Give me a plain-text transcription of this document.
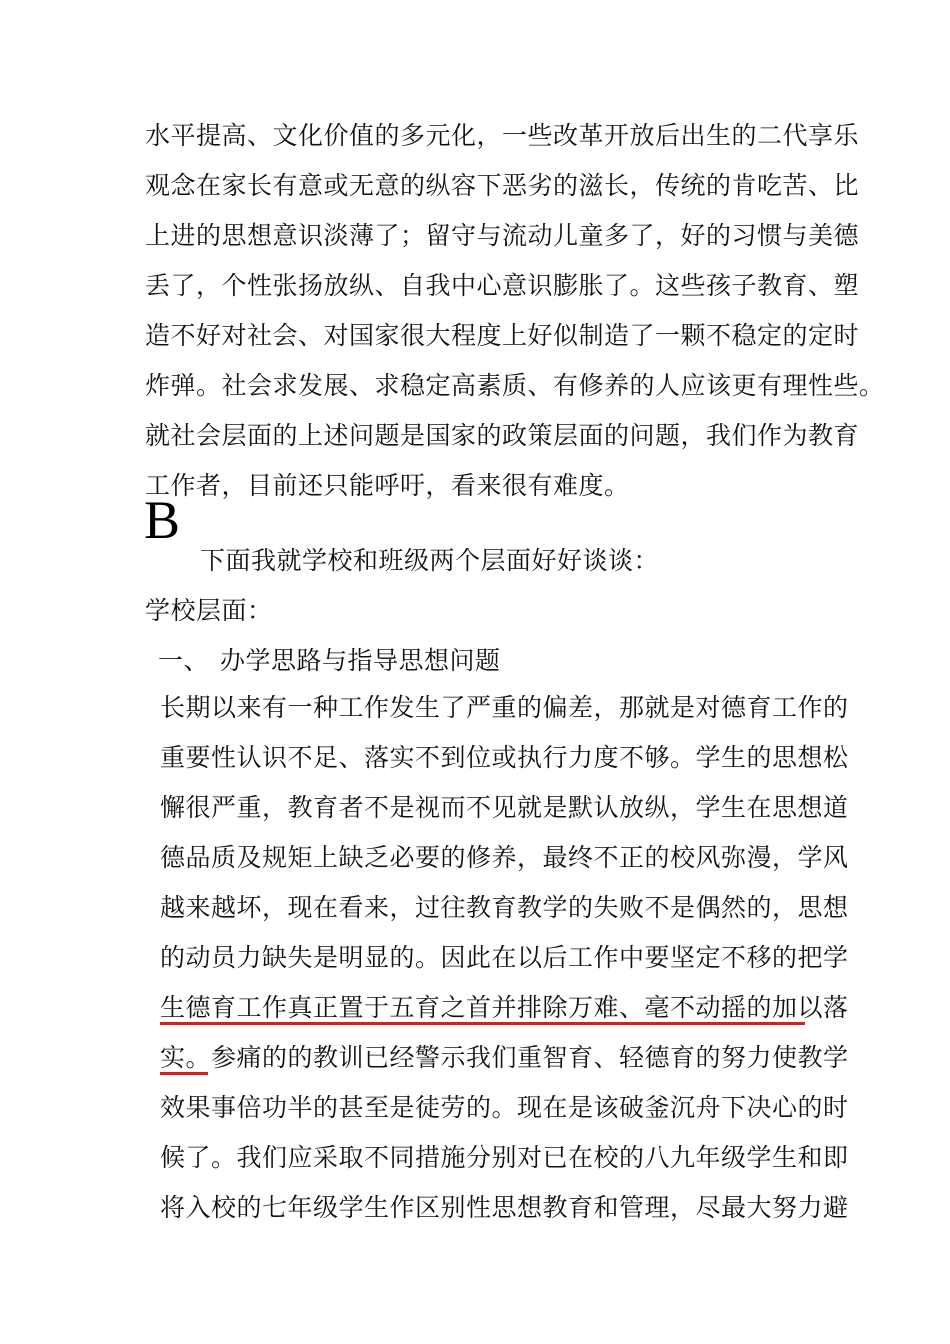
水平提高、文化价值的多元化，一些改革开放后出生的二代享乐
观念在家长有意或无意的纵容下恶劣的滋长，传统的肯吃苦、比
上进的思想意识淡薄了；留守与流动儿童多了，好的习惯与美德
丢了，个性张扬放纵、自我中心意识膨胀了。这些孩子教育、塑
造不好对社会、对国家很大程度上好似制造了一颗不稳定的定时
炸弹。社会求发展、求稳定高素质、有修养的人应该更有理性些。
就社会层面的上述问题是国家的政策层面的问题，我们作为教育
工作者，目前还只能呼吁，看来很有难度。
B
下面我就学校和班级两个层面好好谈谈：
学校层面：
一、 办学思路与指导思想问题
长期以来有一种工作发生了严重的偏差，那就是对德育工作的
重要性认识不足、落实不到位或执行力度不够。学生的思想松
懈很严重，教育者不是视而不见就是默认放纵，学生在思想道
德品质及规矩上缺乏必要的修养，最终不正的校风弥漫，学风
越来越坏，现在看来，过往教育教学的失败不是偶然的，思想
的动员力缺失是明显的。因此在以后工作中要坚定不移的把学
生德育工作真正置于五育之首并排除万难、毫不动摇的加以落
实。参痛的的教训已经警示我们重智育、轻德育的努力使教学
效果事倍功半的甚至是徒劳的。现在是该破釜沉舟下决心的时
候了。我们应采取不同措施分别对已在校的八九年级学生和即
将入校的七年级学生作区别性思想教育和管理，尽最大努力避
